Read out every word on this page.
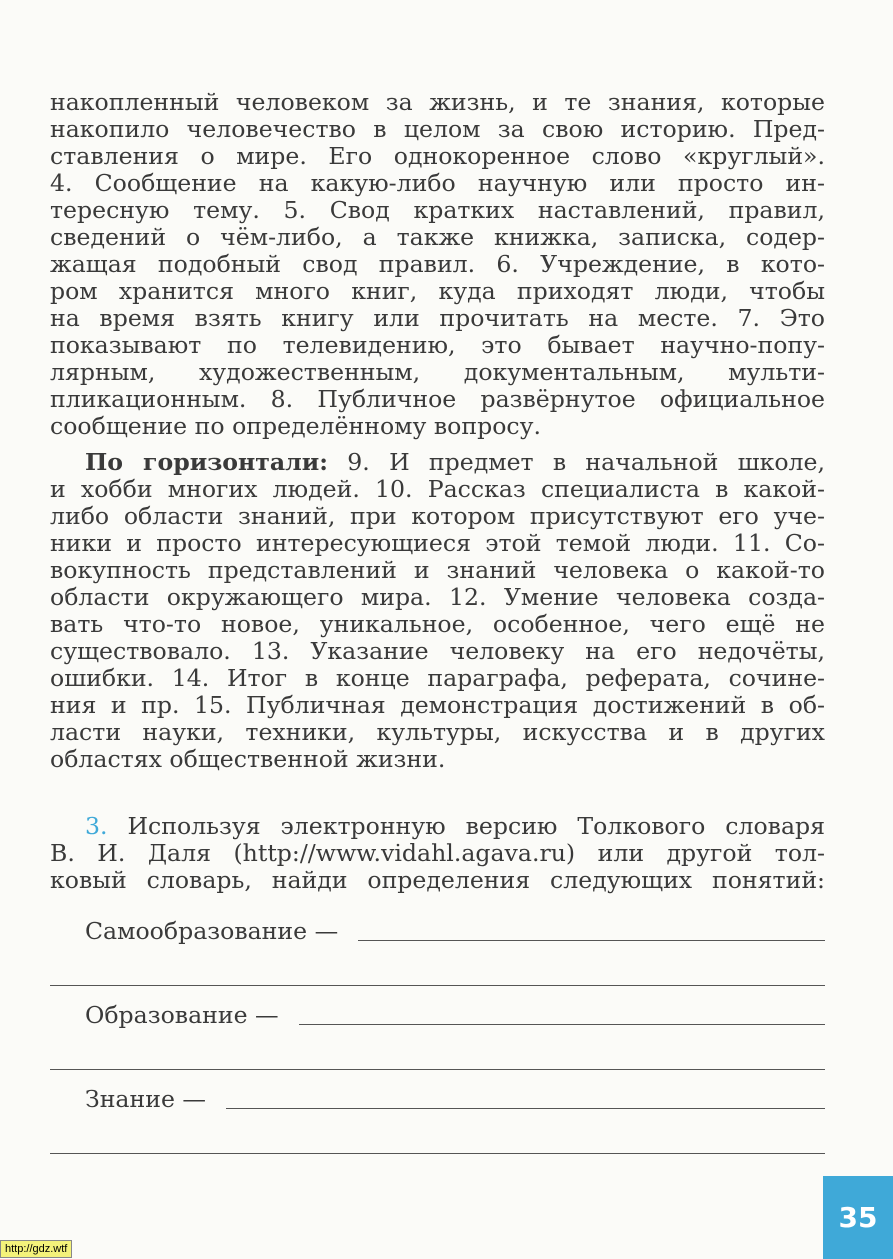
накопленный человеком за жизнь, и те знания, которые
накопило человечество в целом за свою историю. Пред-
ставления о мире. Его однокоренное слово «круглый».
4. Сообщение на какую-либо научную или просто ин-
тересную тему. 5. Свод кратких наставлений, правил,
сведений о чём-либо, а также книжка, записка, содер-
жащая подобный свод правил. 6. Учреждение, в кото-
ром хранится много книг, куда приходят люди, чтобы
на время взять книгу или прочитать на месте. 7. Это
показывают по телевидению, это бывает научно-попу-
лярным, художественным, документальным, мульти-
пликационным. 8. Публичное развёрнутое официальное
сообщение по определённому вопросу.
По горизонтали: 9. И предмет в начальной школе,
и хобби многих людей. 10. Рассказ специалиста в какой-
либо области знаний, при котором присутствуют его уче-
ники и просто интересующиеся этой темой люди. 11. Со-
вокупность представлений и знаний человека о какой-то
области окружающего мира. 12. Умение человека созда-
вать что-то новое, уникальное, особенное, чего ещё не
существовало. 13. Указание человеку на его недочёты,
ошибки. 14. Итог в конце параграфа, реферата, сочине-
ния и пр. 15. Публичная демонстрация достижений в об-
ласти науки, техники, культуры, искусства и в других
областях общественной жизни.
3. Используя электронную версию Толкового словаря
В. И. Даля (http://www.vidahl.agava.ru) или другой тол-
ковый словарь, найди определения следующих понятий:
Самообразование —
Образование —
Знание —
35
http://gdz.wtf
